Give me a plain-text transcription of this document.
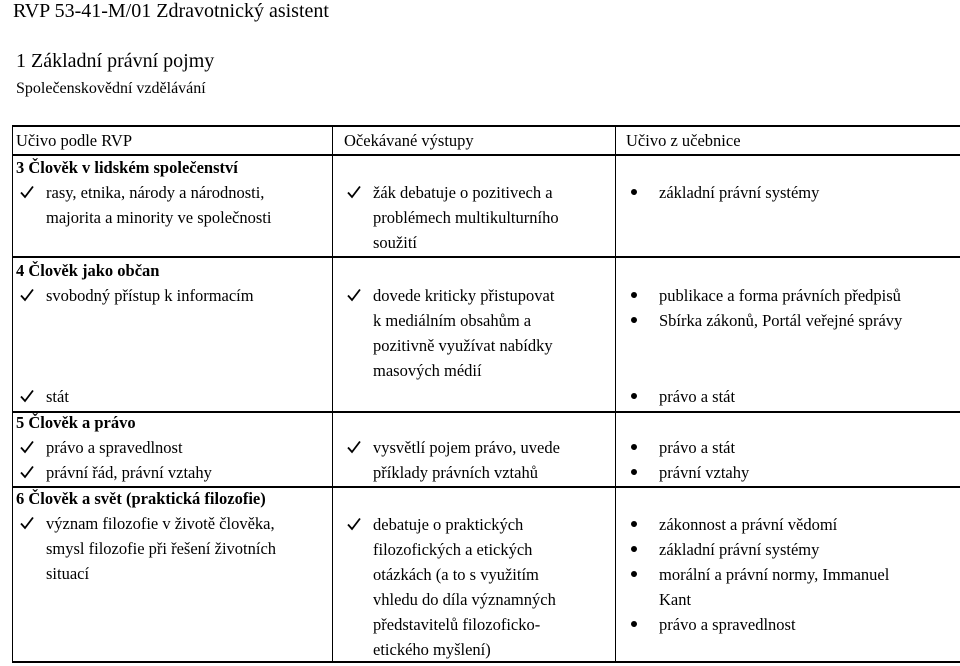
RVP 53-41-M/01 Zdravotnický asistent
1 Základní právní pojmy
Společenskovědní vzdělávání
Učivo podle RVP	Očekávané výstupy	Učivo z učebnice
3 Člověk v lidském společenství
rasy, etnika, národy a národnosti,
majorita a minority ve společnosti
žák debatuje o pozitivech a
problémech multikulturního
soužití
základní právní systémy
4 Člověk jako občan
svobodný přístup k informacím
stát
dovede kriticky přistupovat
k mediálním obsahům a
pozitivně využívat nabídky
masových médií
publikace a forma právních předpisů
Sbírka zákonů, Portál veřejné správy
právo a stát
5 Člověk a právo
právo a spravedlnost
právní řád, právní vztahy
vysvětlí pojem právo, uvede
příklady právních vztahů
právo a stát
právní vztahy
6 Člověk a svět (praktická filozofie)
význam filozofie v životě člověka,
smysl filozofie při řešení životních
situací
debatuje o praktických
filozofických a etických
otázkách (a to s využitím
vhledu do díla významných
představitelů filozoficko-
etického myšlení)
zákonnost a právní vědomí
základní právní systémy
morální a právní normy, Immanuel
Kant
právo a spravedlnost
